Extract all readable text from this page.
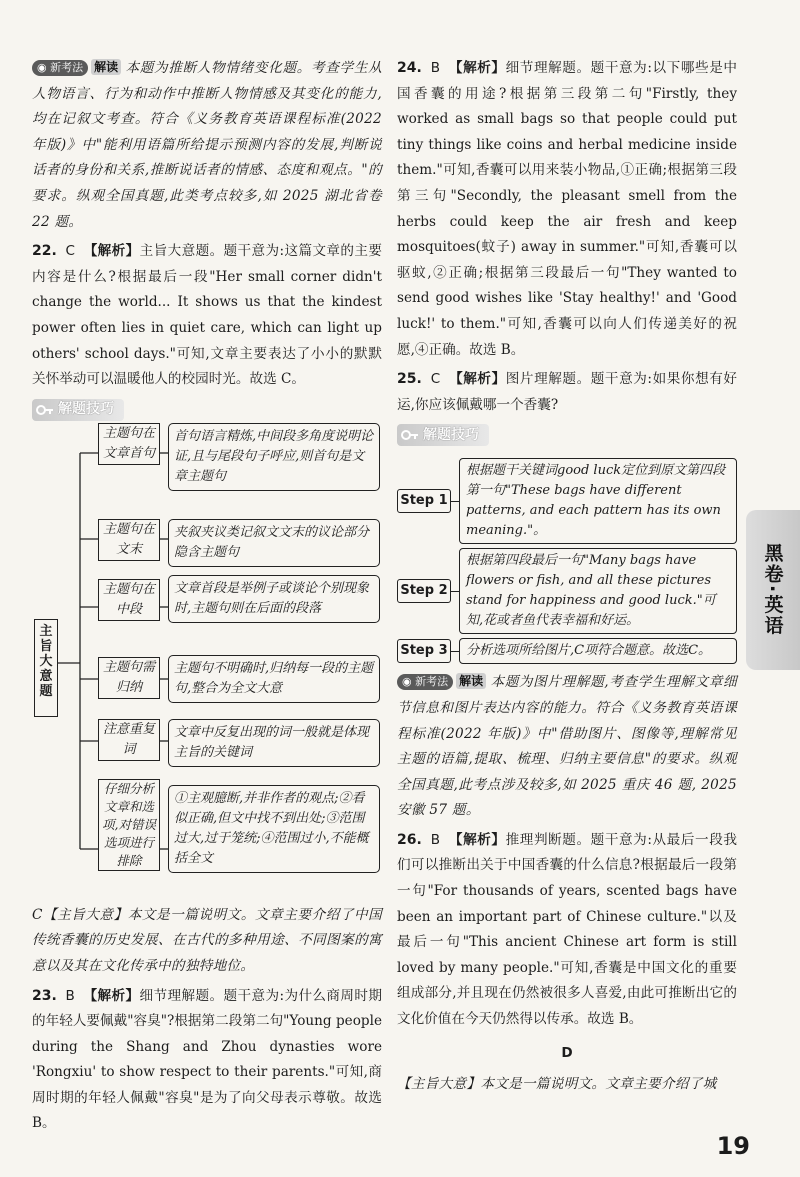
◉
新考法 解读 本题为推断人物情绪变化题。考查学生从人物语言、行为和动作中推断人物情感及其变化的能力,均在记叙文考查。符合《义务教育英语课程标准(2022 年版)》中"能利用语篇所给提示预测内容的发展,判断说话者的身份和关系,推断说话者的情感、态度和观点。"的要求。纵观全国真题,此类考点较多,如 2025 湖北省卷 22 题。

22. C 【解析】主旨大意题。题干意为:这篇文章的主要内容是什么?根据最后一段"Her small corner didn't change the world... It shows us that the kindest power often lies in quiet care, which can light up others' school days."可知,文章主要表达了小小的默默关怀举动可以温暖他人的校园时光。故选 C。

解题技巧
主旨大意题
主题句在文章首句
首句语言精炼,中间段多角度说明论证,且与尾段句子呼应,则首句是文章主题句
主题句在文末
夹叙夹议类记叙文文末的议论部分隐含主题句
主题句在中段
文章首段是举例子或谈论个别现象时,主题句则在后面的段落
主题句需归纳
主题句不明确时,归纳每一段的主题句,整合为全文大意
注意重复词
文章中反复出现的词一般就是体现主旨的关键词
仔细分析文章和选项,对错误选项进行排除
①主观臆断,并非作者的观点;②看似正确,但文中找不到出处;③范围过大,过于笼统;④范围过小,不能概括全文

C【主旨大意】本文是一篇说明文。文章主要介绍了中国传统香囊的历史发展、在古代的多种用途、不同图案的寓意以及其在文化传承中的独特地位。

23. B 【解析】细节理解题。题干意为:为什么商周时期的年轻人要佩戴"容臭"?根据第二段第二句"Young people during the Shang and Zhou dynasties wore 'Rongxiu' to show respect to their parents."可知,商周时期的年轻人佩戴"容臭"是为了向父母表示尊敬。故选 B。

24. B 【解析】细节理解题。题干意为:以下哪些是中国香囊的用途?根据第三段第二句"Firstly, they worked as small bags so that people could put tiny things like coins and herbal medicine inside them."可知,香囊可以用来装小物品,①正确;根据第三段第三句"Secondly, the pleasant smell from the herbs could keep the air fresh and keep mosquitoes(蚊子) away in summer."可知,香囊可以驱蚊,②正确;根据第三段最后一句"They wanted to send good wishes like 'Stay healthy!' and 'Good luck!' to them."可知,香囊可以向人们传递美好的祝愿,④正确。故选 B。

25. C 【解析】图片理解题。题干意为:如果你想有好运,你应该佩戴哪一个香囊?

解题技巧
Step 1
根据题干关键词good luck定位到原文第四段第一句"These bags have different patterns, and each pattern has its own meaning."。
Step 2
根据第四段最后一句"Many bags have flowers or fish, and all these pictures stand for happiness and good luck."可知,花或者鱼代表幸福和好运。
Step 3	分析选项所给图片,C项符合题意。故选C。

◉
新考法 解读 本题为图片理解题,考查学生理解文章细节信息和图片表达内容的能力。符合《义务教育英语课程标准(2022 年版)》中"借助图片、图像等,理解常见主题的语篇,提取、梳理、归纳主要信息"的要求。纵观全国真题,此考点涉及较多,如 2025 重庆 46 题, 2025 安徽 57 题。

26. B 【解析】推理判断题。题干意为:从最后一段我们可以推断出关于中国香囊的什么信息?根据最后一段第一句"For thousands of years, scented bags have been an important part of Chinese culture."以及最后一句"This ancient Chinese art form is still loved by many people."可知,香囊是中国文化的重要组成部分,并且现在仍然被很多人喜爱,由此可推断出它的文化价值在今天仍然得以传承。故选 B。

D

【主旨大意】本文是一篇说明文。文章主要介绍了城

黑卷·英语
19
